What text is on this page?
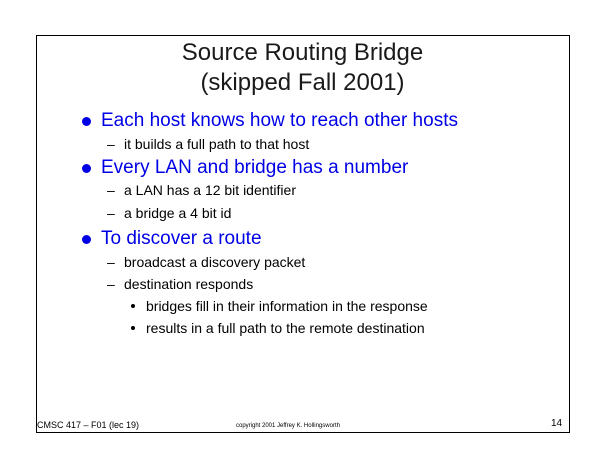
Source Routing Bridge
(skipped Fall 2001)
Each host knows how to reach other hosts
– it builds a full path to that host
Every LAN and bridge has a number
– a LAN has a 12 bit identifier
– a bridge a 4 bit id
To discover a route
– broadcast a discovery packet
– destination responds
bridges fill in their information in the response
results in a full path to the remote destination
CMSC 417 – F01 (lec 19)	copyright 2001 Jeffrey K. Hollingsworth	14
